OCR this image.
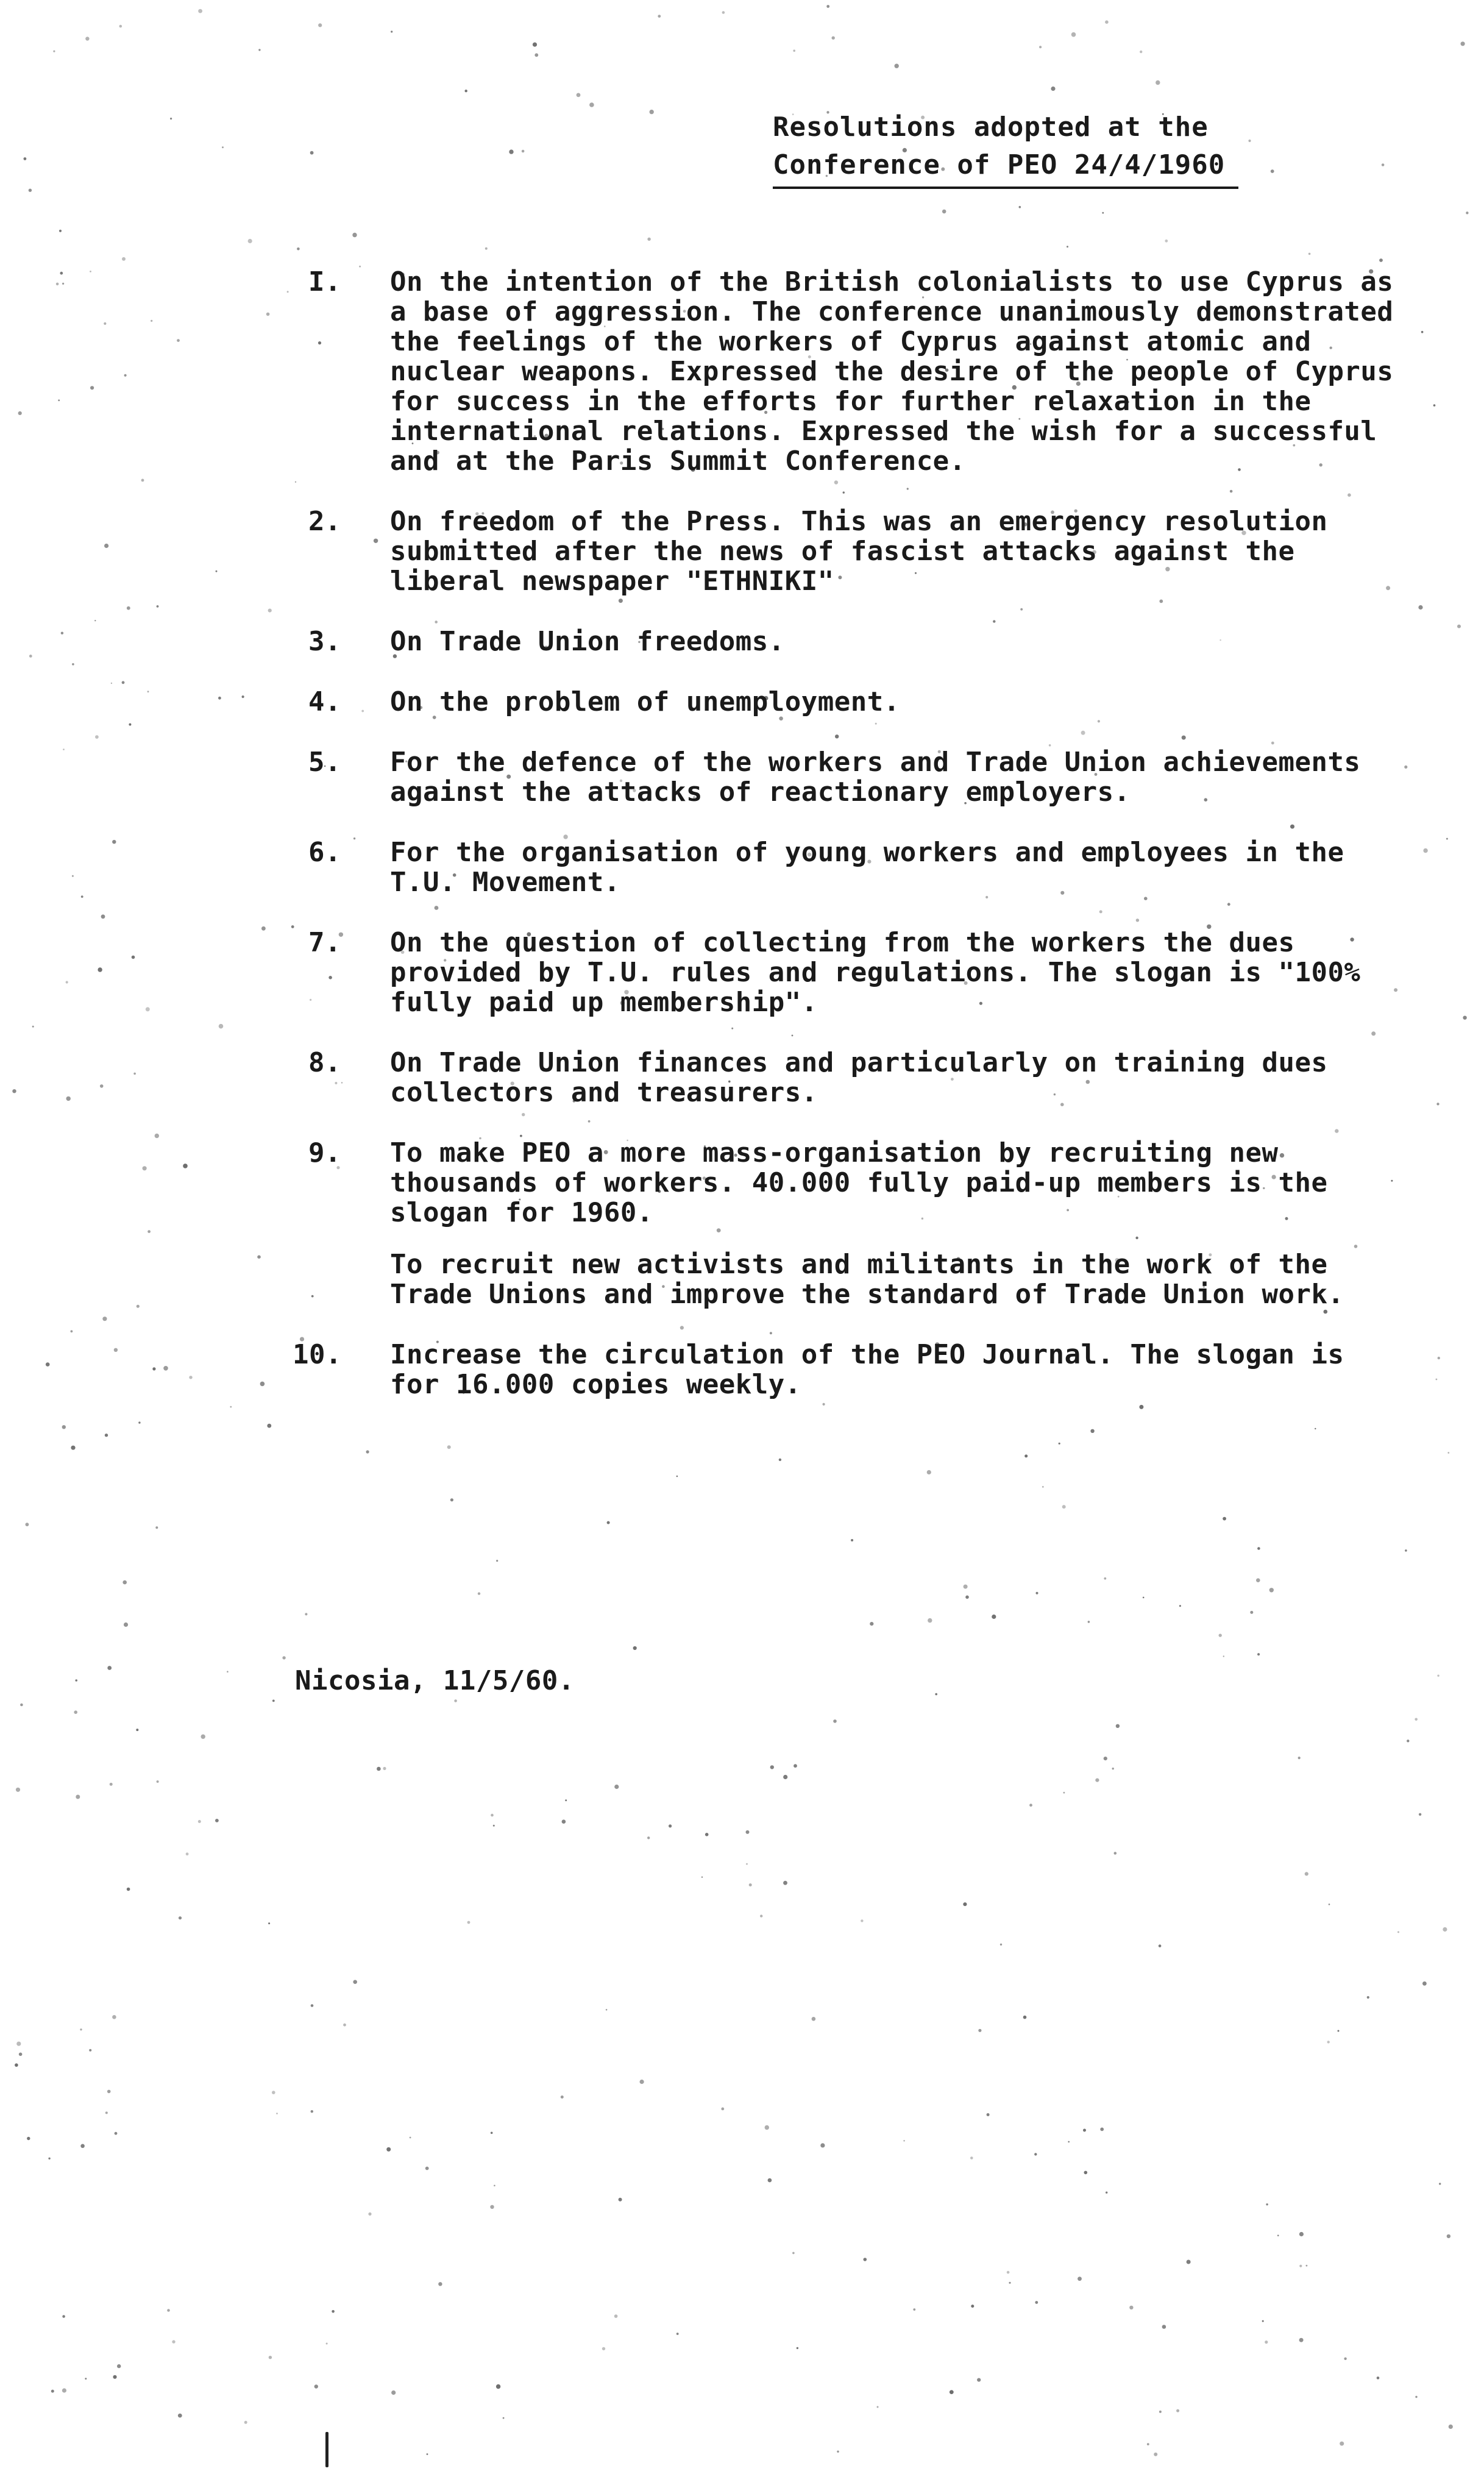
Resolutions adopted at the
Conference of PEO 24/4/1960
I. On the intention of the British colonialists to use Cyprus as a base of aggression. The conference unanimously demonstrated the feelings of the workers of Cyprus against atomic and nuclear weapons. Expressed the desire of the people of Cyprus for success in the efforts for further relaxation in the international relations. Expressed the wish for a successful and at the Paris Summit Conference.

2. On freedom of the Press. This was an emergency resolution submitted after the news of fascist attacks against the liberal newspaper "ETHNIKI"

3. On Trade Union freedoms.

4. On the problem of unemployment.

5. For the defence of the workers and Trade Union achievements against the attacks of reactionary employers.

6. For the organisation of young workers and employees in the T.U. Movement.

7. On the question of collecting from the workers the dues provided by T.U. rules and regulations. The slogan is "100% fully paid up membership".

8. On Trade Union finances and particularly on training dues collectors and treasurers.

9. To make PEO a more mass-organisation by recruiting new thousands of workers. 40.000 fully paid-up members is the slogan for 1960.

To recruit new activists and militants in the work of the Trade Unions and improve the standard of Trade Union work.

10. Increase the circulation of the PEO Journal. The slogan is for 16.000 copies weekly.

Nicosia, 11/5/60.
